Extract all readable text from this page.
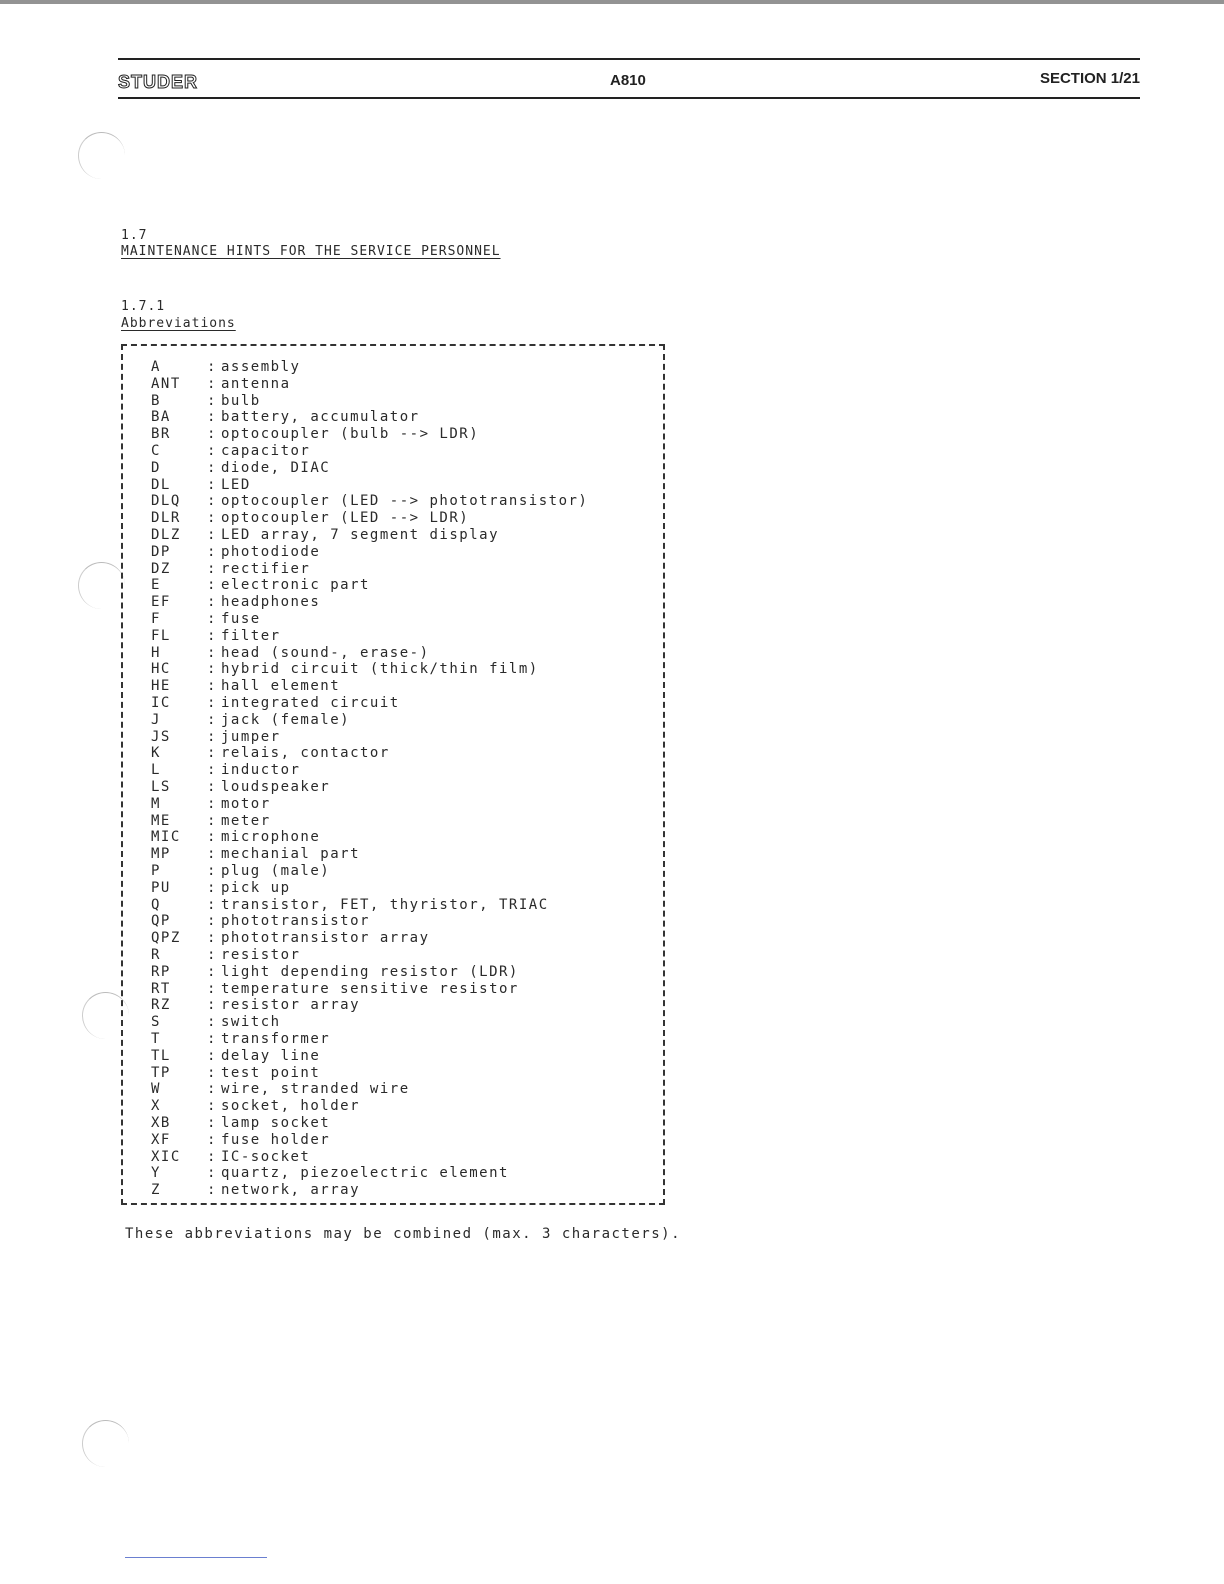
STUDER	A810	SECTION 1/21
1.7
MAINTENANCE HINTS FOR THE SERVICE PERSONNEL
1.7.1
Abbreviations
A	: assembly
ANT : antenna
B	: bulb
BA	: battery, accumulator
BR	: optocoupler (bulb --> LDR)
C	: capacitor
D	: diode, DIAC
DL	: LED
DLQ : optocoupler (LED --> phototransistor)
DLR : optocoupler (LED --> LDR)
DLZ : LED array, 7 segment display
DP	: photodiode
DZ	: rectifier
E	: electronic part
EF	: headphones
F	: fuse
FL	: filter
H	: head (sound-, erase-)
HC	: hybrid circuit (thick/thin film)
HE	: hall element
IC	: integrated circuit
J	: jack (female)
JS	: jumper
K	: relais, contactor
L	: inductor
LS	: loudspeaker
M	: motor
ME	: meter
MIC : microphone
MP	: mechanial part
P	: plug (male)
PU	: pick up
Q	: transistor, FET, thyristor, TRIAC
QP	: phototransistor
QPZ : phototransistor array
R	: resistor
RP	: light depending resistor (LDR)
RT	: temperature sensitive resistor
RZ	: resistor array
S	: switch
T	: transformer
TL	: delay line
TP	: test point
W	: wire, stranded wire
X	: socket, holder
XB	: lamp socket
XF	: fuse holder
XIC : IC-socket
Y	: quartz, piezoelectric element
Z	: network, array
These abbreviations may be combined (max. 3 characters).
